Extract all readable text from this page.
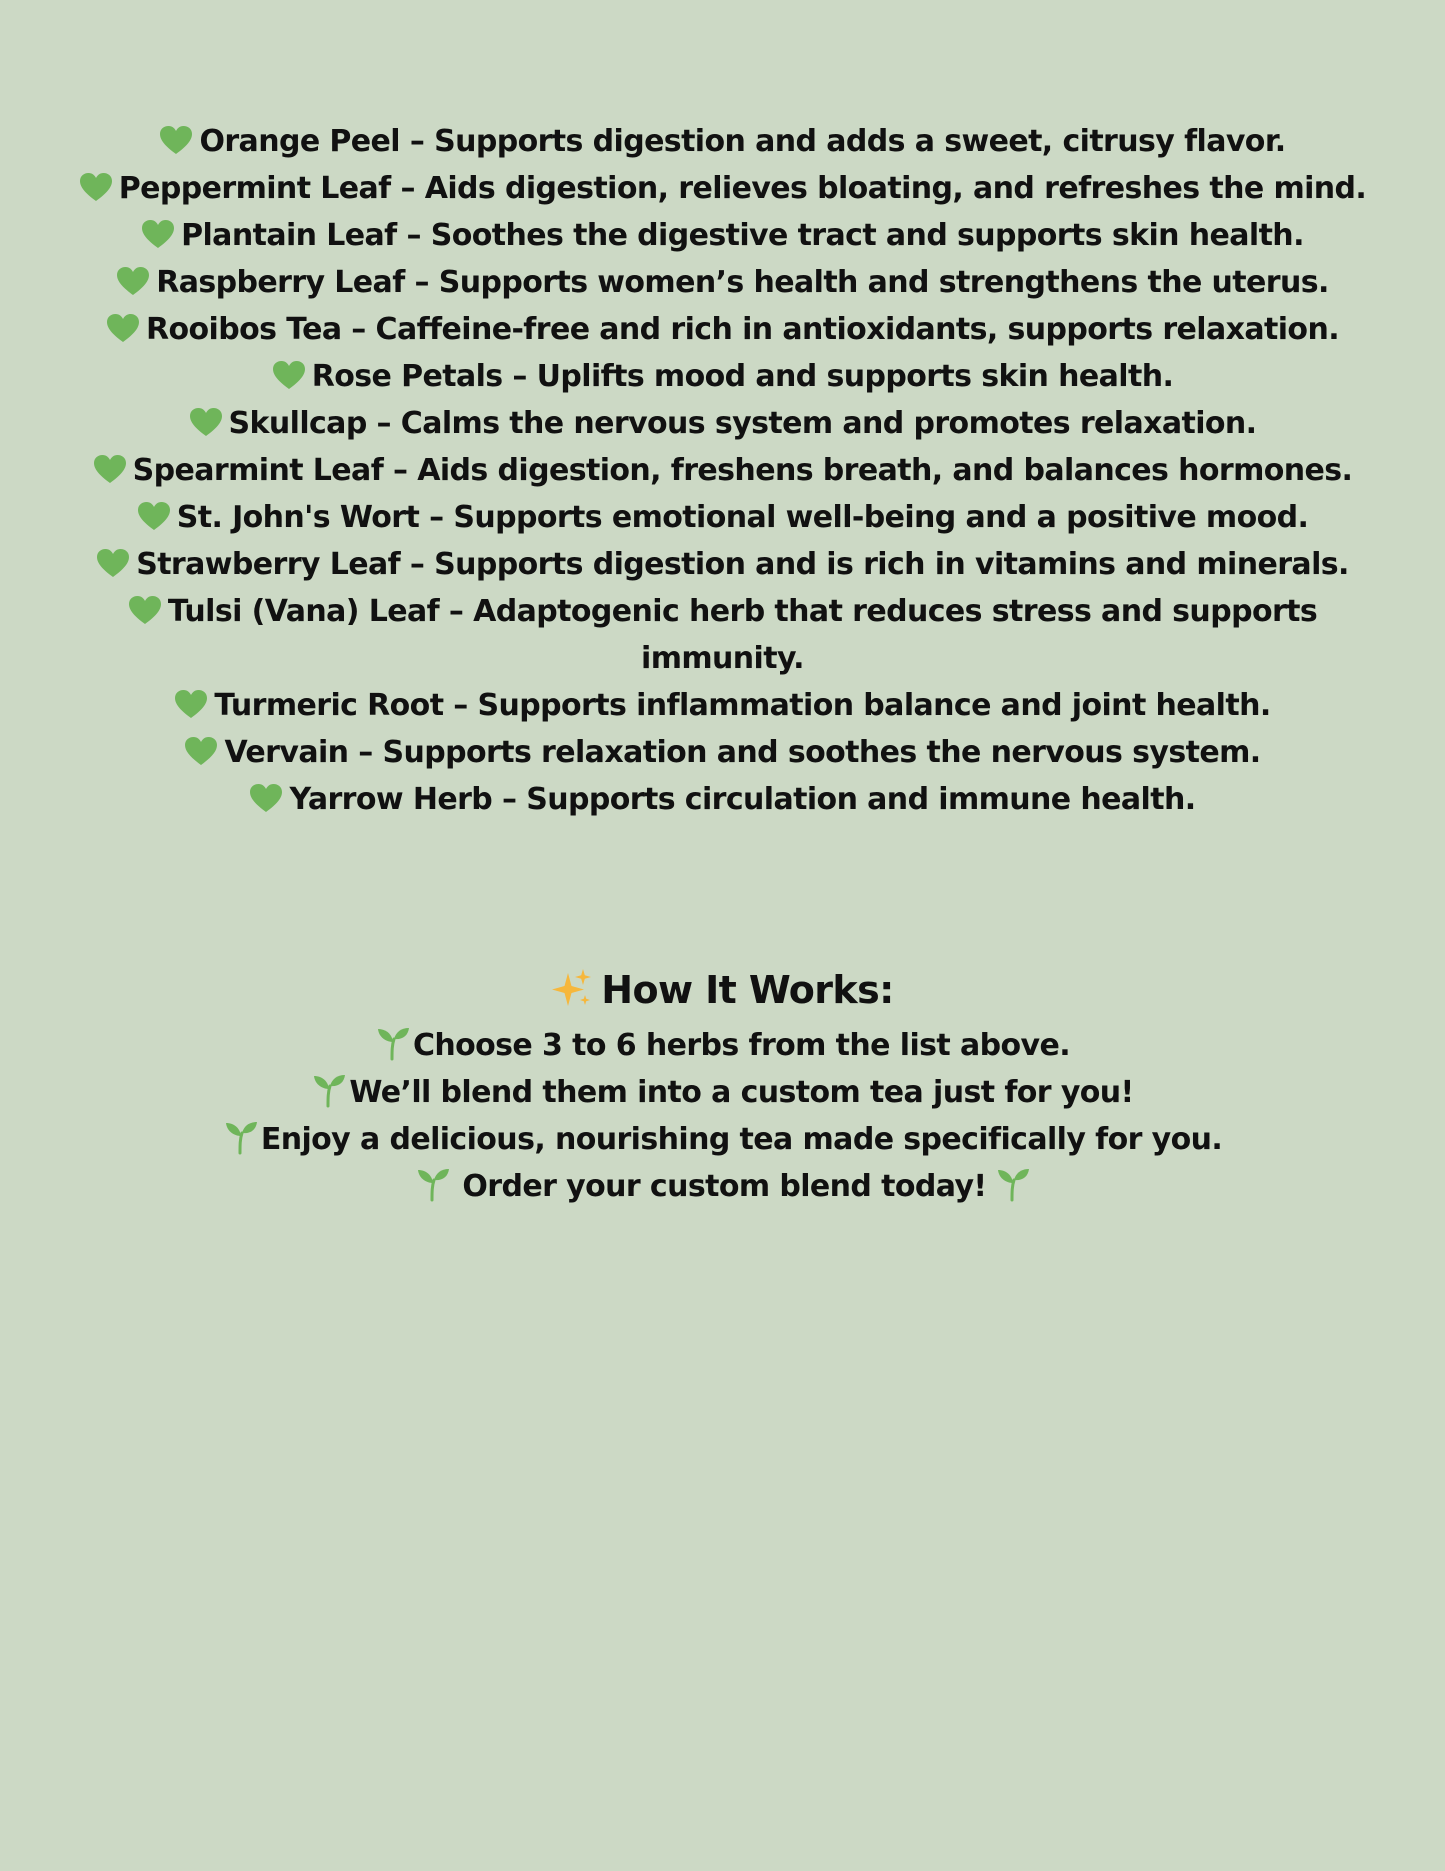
Orange Peel – Supports digestion and adds a sweet, citrusy flavor.
Peppermint Leaf – Aids digestion, relieves bloating, and refreshes the mind.
Plantain Leaf – Soothes the digestive tract and supports skin health.
Raspberry Leaf – Supports women’s health and strengthens the uterus.
Rooibos Tea – Caffeine-free and rich in antioxidants, supports relaxation.
Rose Petals – Uplifts mood and supports skin health.
Skullcap – Calms the nervous system and promotes relaxation.
Spearmint Leaf – Aids digestion, freshens breath, and balances hormones.
St. John's Wort – Supports emotional well-being and a positive mood.
Strawberry Leaf – Supports digestion and is rich in vitamins and minerals.
Tulsi (Vana) Leaf – Adaptogenic herb that reduces stress and supports immunity.
Turmeric Root – Supports inflammation balance and joint health.
Vervain – Supports relaxation and soothes the nervous system.
Yarrow Herb – Supports circulation and immune health.
How It Works:
Choose 3 to 6 herbs from the list above.
We’ll blend them into a custom tea just for you!
Enjoy a delicious, nourishing tea made specifically for you.
Order your custom blend today!
